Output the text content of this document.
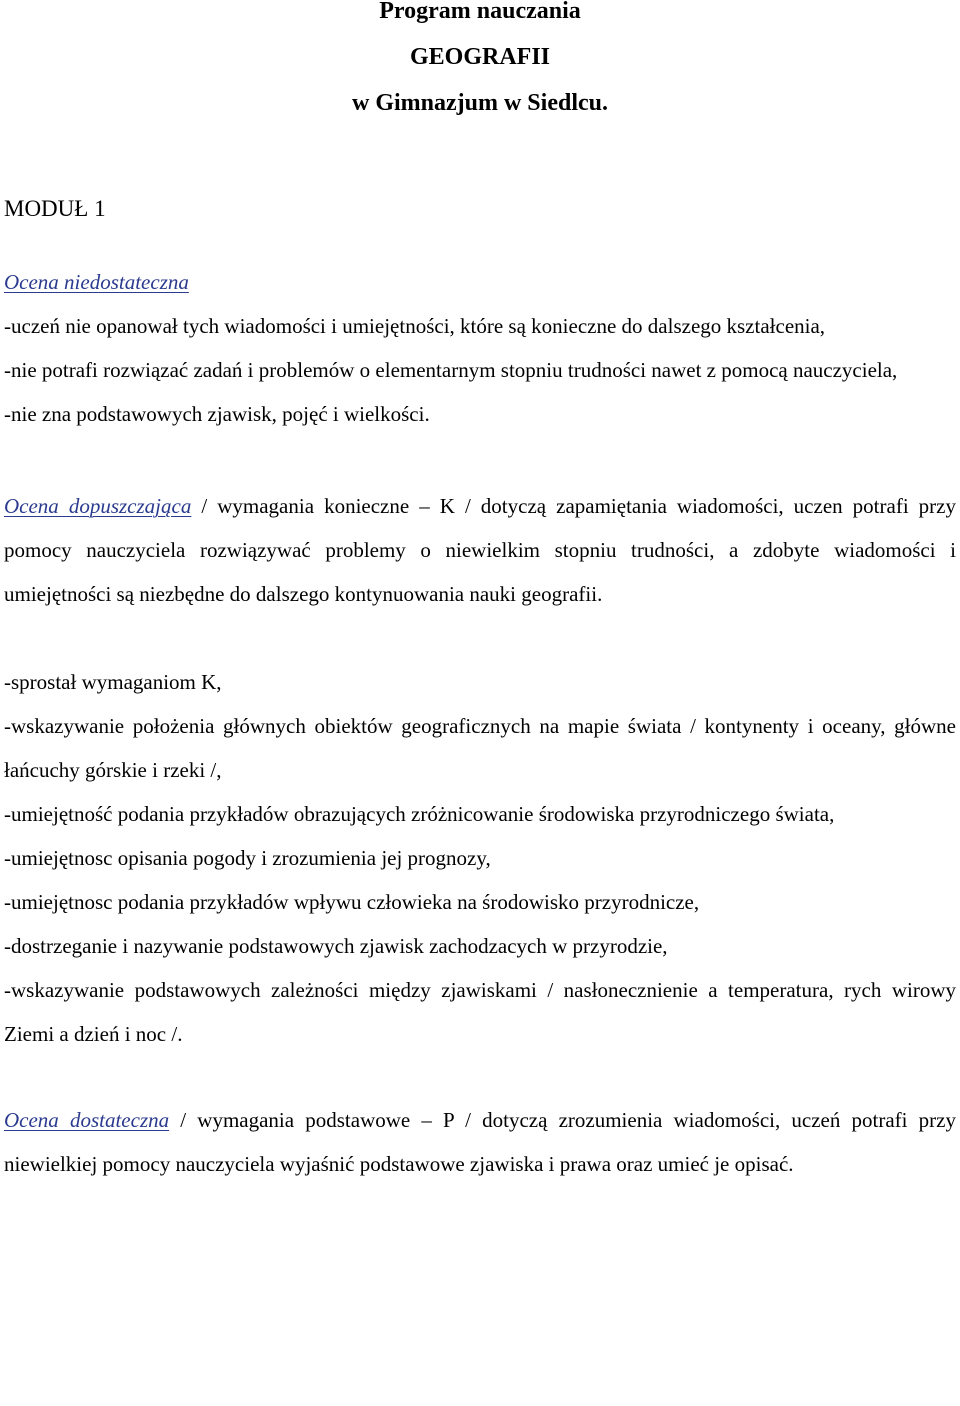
Program nauczania

GEOGRAFII

w Gimnazjum w Siedlcu.

MODUŁ 1

Ocena niedostateczna

-uczeń nie opanował tych wiadomości i umiejętności, które są konieczne do dalszego kształcenia,

-nie potrafi rozwiązać zadań i problemów o elementarnym stopniu trudności nawet z pomocą nauczyciela,

-nie zna podstawowych zjawisk, pojęć i wielkości.

Ocena dopuszczająca / wymagania konieczne – K / dotyczą zapamiętania wiadomości, uczen potrafi przy pomocy nauczyciela rozwiązywać problemy o niewielkim stopniu trudności, a zdobyte wiadomości i umiejętności są niezbędne do dalszego kontynuowania nauki geografii.

-sprostał wymaganiom K,

-wskazywanie położenia głównych obiektów geograficznych na mapie świata / kontynenty i oceany, główne łańcuchy górskie i rzeki /,

-umiejętność podania przykładów obrazujących zróżnicowanie środowiska przyrodniczego świata,

-umiejętnosc opisania pogody i zrozumienia jej prognozy,

-umiejętnosc podania przykładów wpływu człowieka na środowisko przyrodnicze,

-dostrzeganie i nazywanie podstawowych zjawisk zachodzacych w przyrodzie,

-wskazywanie podstawowych zależności między zjawiskami / nasłonecznienie a temperatura, rych wirowy Ziemi a dzień i noc /.

Ocena dostateczna / wymagania podstawowe – P / dotyczą zrozumienia wiadomości, uczeń potrafi przy niewielkiej pomocy nauczyciela wyjaśnić podstawowe zjawiska i prawa oraz umieć je opisać.
